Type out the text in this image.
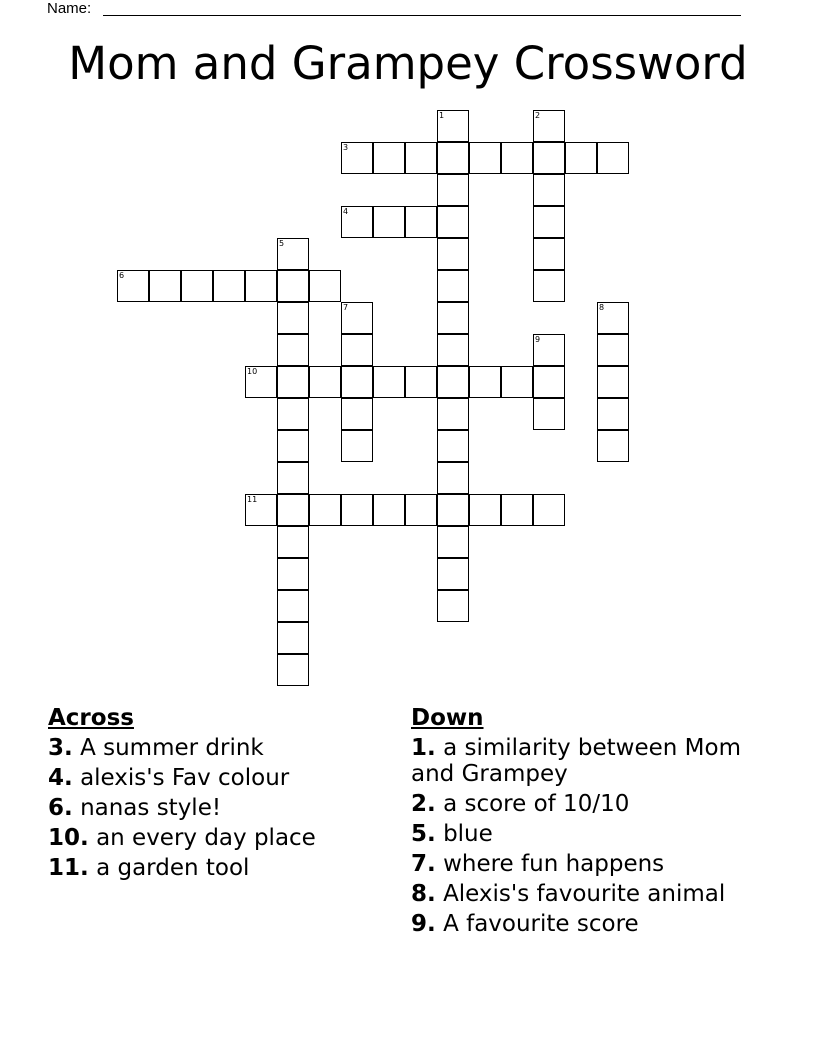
Name:
Mom and Grampey Crossword
3
4
6
10
11
1	2
5
7	8
9
Across
3. A summer drink
4. alexis's Fav colour
6. nanas style!
10. an every day place
11. a garden tool
Down
1. a similarity between Mom and Grampey
2. a score of 10/10
5. blue
7. where fun happens
8. Alexis's favourite animal
9. A favourite score
